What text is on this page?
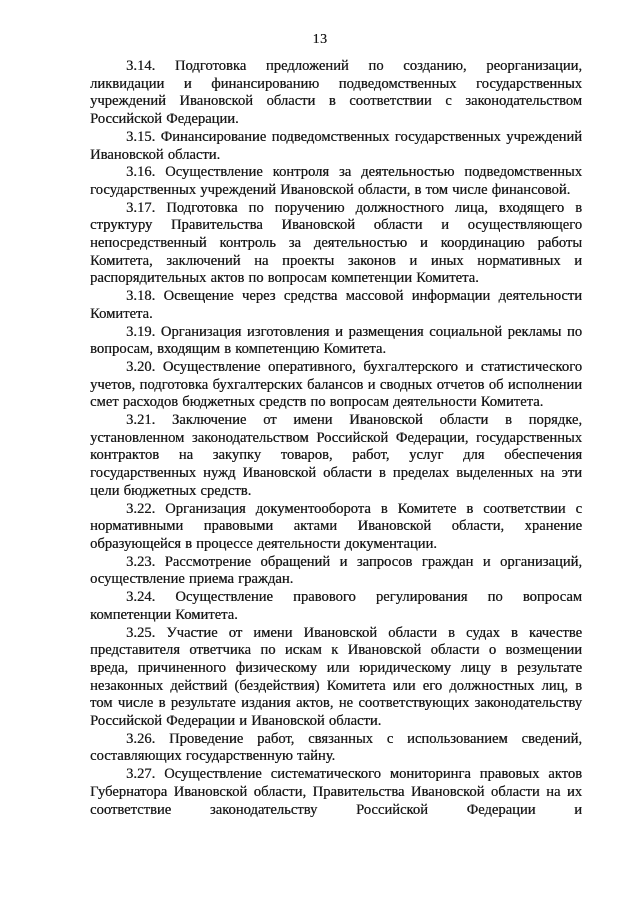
13

3.14. Подготовка предложений по созданию, реорганизации, ликвидации и финансированию подведомственных государственных учреждений Ивановской области в соответствии с законодательством Российской Федерации.

3.15. Финансирование подведомственных государственных учреждений Ивановской области.

3.16. Осуществление контроля за деятельностью подведомственных государственных учреждений Ивановской области, в том числе финансовой.

3.17. Подготовка по поручению должностного лица, входящего в структуру Правительства Ивановской области и осуществляющего непосредственный контроль за деятельностью и координацию работы Комитета, заключений на проекты законов и иных нормативных и распорядительных актов по вопросам компетенции Комитета.

3.18. Освещение через средства массовой информации деятельности Комитета.

3.19. Организация изготовления и размещения социальной рекламы по вопросам, входящим в компетенцию Комитета.

3.20. Осуществление оперативного, бухгалтерского и статистического учетов, подготовка бухгалтерских балансов и сводных отчетов об исполнении смет расходов бюджетных средств по вопросам деятельности Комитета.

3.21. Заключение от имени Ивановской области в порядке, установленном законодательством Российской Федерации, государственных контрактов на закупку товаров, работ, услуг для обеспечения государственных нужд Ивановской области в пределах выделенных на эти цели бюджетных средств.

3.22. Организация документооборота в Комитете в соответствии с нормативными правовыми актами Ивановской области, хранение образующейся в процессе деятельности документации.

3.23. Рассмотрение обращений и запросов граждан и организаций, осуществление приема граждан.

3.24. Осуществление правового регулирования по вопросам компетенции Комитета.

3.25. Участие от имени Ивановской области в судах в качестве представителя ответчика по искам к Ивановской области о возмещении вреда, причиненного физическому или юридическому лицу в результате незаконных действий (бездействия) Комитета или его должностных лиц, в том числе в результате издания актов, не соответствующих законодательству Российской Федерации и Ивановской области.

3.26. Проведение работ, связанных с использованием сведений, составляющих государственную тайну.

3.27. Осуществление систематического мониторинга правовых актов Губернатора Ивановской области, Правительства Ивановской области на их соответствие законодательству Российской Федерации и
